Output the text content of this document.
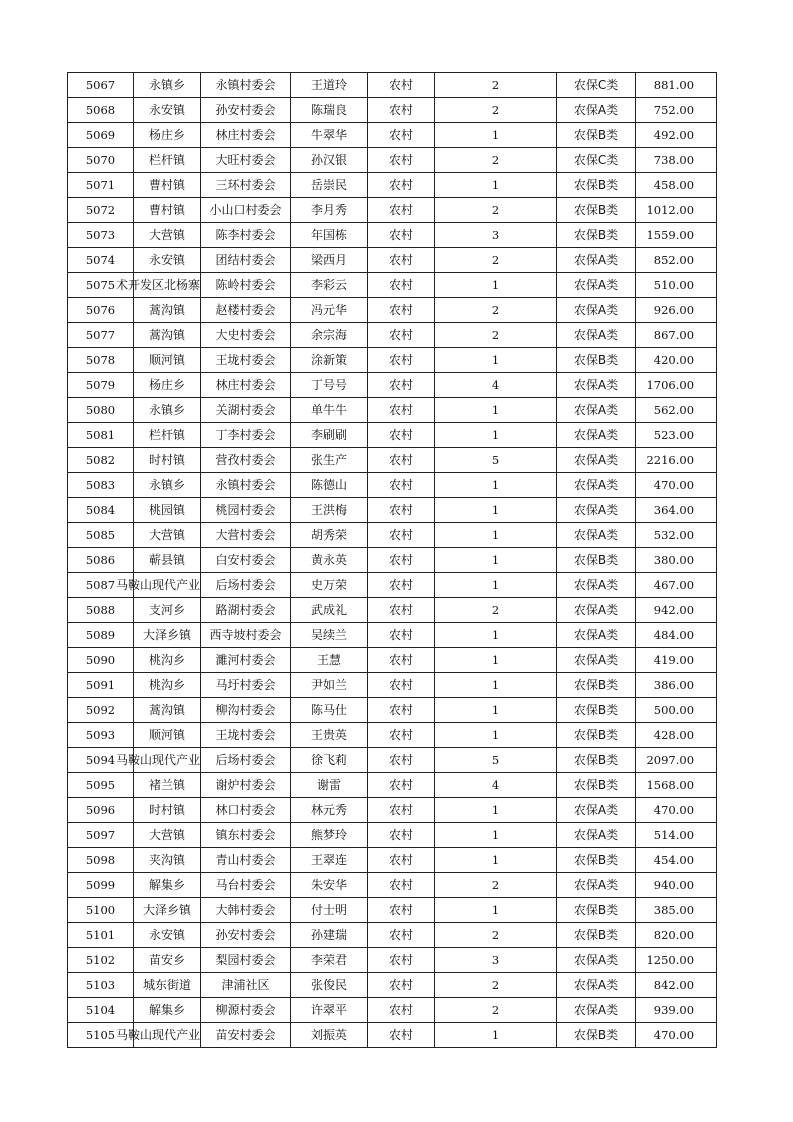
5067	永镇乡	永镇村委会	王道玲	农村	2	农保C类	881.00
5068	永安镇	孙安村委会	陈瑞良	农村	2	农保A类	752.00
5069	杨庄乡	林庄村委会	牛翠华	农村	1	农保B类	492.00
5070	栏杆镇	大旺村委会	孙汉银	农村	2	农保C类	738.00
5071	曹村镇	三环村委会	岳崇民	农村	1	农保B类	458.00
5072	曹村镇	小山口村委会	李月秀	农村	2	农保B类	1012.00
5073	大营镇	陈李村委会	年国栋	农村	3	农保B类	1559.00
5074	永安镇	团结村委会	梁西月	农村	2	农保A类	852.00
5075	术开发区北杨寨	陈岭村委会	李彩云	农村	1	农保A类	510.00
5076	蒿沟镇	赵楼村委会	冯元华	农村	2	农保A类	926.00
5077	蒿沟镇	大史村委会	余宗海	农村	2	农保A类	867.00
5078	顺河镇	王垅村委会	涂新策	农村	1	农保B类	420.00
5079	杨庄乡	林庄村委会	丁号号	农村	4	农保A类	1706.00
5080	永镇乡	关湖村委会	单牛牛	农村	1	农保A类	562.00
5081	栏杆镇	丁李村委会	李刷刷	农村	1	农保A类	523.00
5082	时村镇	营孜村委会	张生产	农村	5	农保A类	2216.00
5083	永镇乡	永镇村委会	陈德山	农村	1	农保A类	470.00
5084	桃园镇	桃园村委会	王洪梅	农村	1	农保A类	364.00
5085	大营镇	大营村委会	胡秀荣	农村	1	农保A类	532.00
5086	蕲县镇	白安村委会	黄永英	农村	1	农保B类	380.00
5087	马鞍山现代产业	后场村委会	史万荣	农村	1	农保A类	467.00
5088	支河乡	路湖村委会	武成礼	农村	2	农保A类	942.00
5089	大泽乡镇	西寺坡村委会	吴续兰	农村	1	农保A类	484.00
5090	桃沟乡	濉河村委会	王慧	农村	1	农保A类	419.00
5091	桃沟乡	马圩村委会	尹如兰	农村	1	农保B类	386.00
5092	蒿沟镇	柳沟村委会	陈马仕	农村	1	农保B类	500.00
5093	顺河镇	王垅村委会	王贵英	农村	1	农保B类	428.00
5094	马鞍山现代产业	后场村委会	徐飞莉	农村	5	农保B类	2097.00
5095	褚兰镇	谢炉村委会	谢雷	农村	4	农保B类	1568.00
5096	时村镇	林口村委会	林元秀	农村	1	农保A类	470.00
5097	大营镇	镇东村委会	熊梦玲	农村	1	农保A类	514.00
5098	夹沟镇	青山村委会	王翠连	农村	1	农保B类	454.00
5099	解集乡	马台村委会	朱安华	农村	2	农保A类	940.00
5100	大泽乡镇	大韩村委会	付士明	农村	1	农保B类	385.00
5101	永安镇	孙安村委会	孙建瑞	农村	2	农保B类	820.00
5102	苗安乡	梨园村委会	李荣君	农村	3	农保A类	1250.00
5103	城东街道	津浦社区	张俊民	农村	2	农保A类	842.00
5104	解集乡	柳源村委会	许翠平	农村	2	农保A类	939.00
5105	马鞍山现代产业	苗安村委会	刘振英	农村	1	农保B类	470.00
